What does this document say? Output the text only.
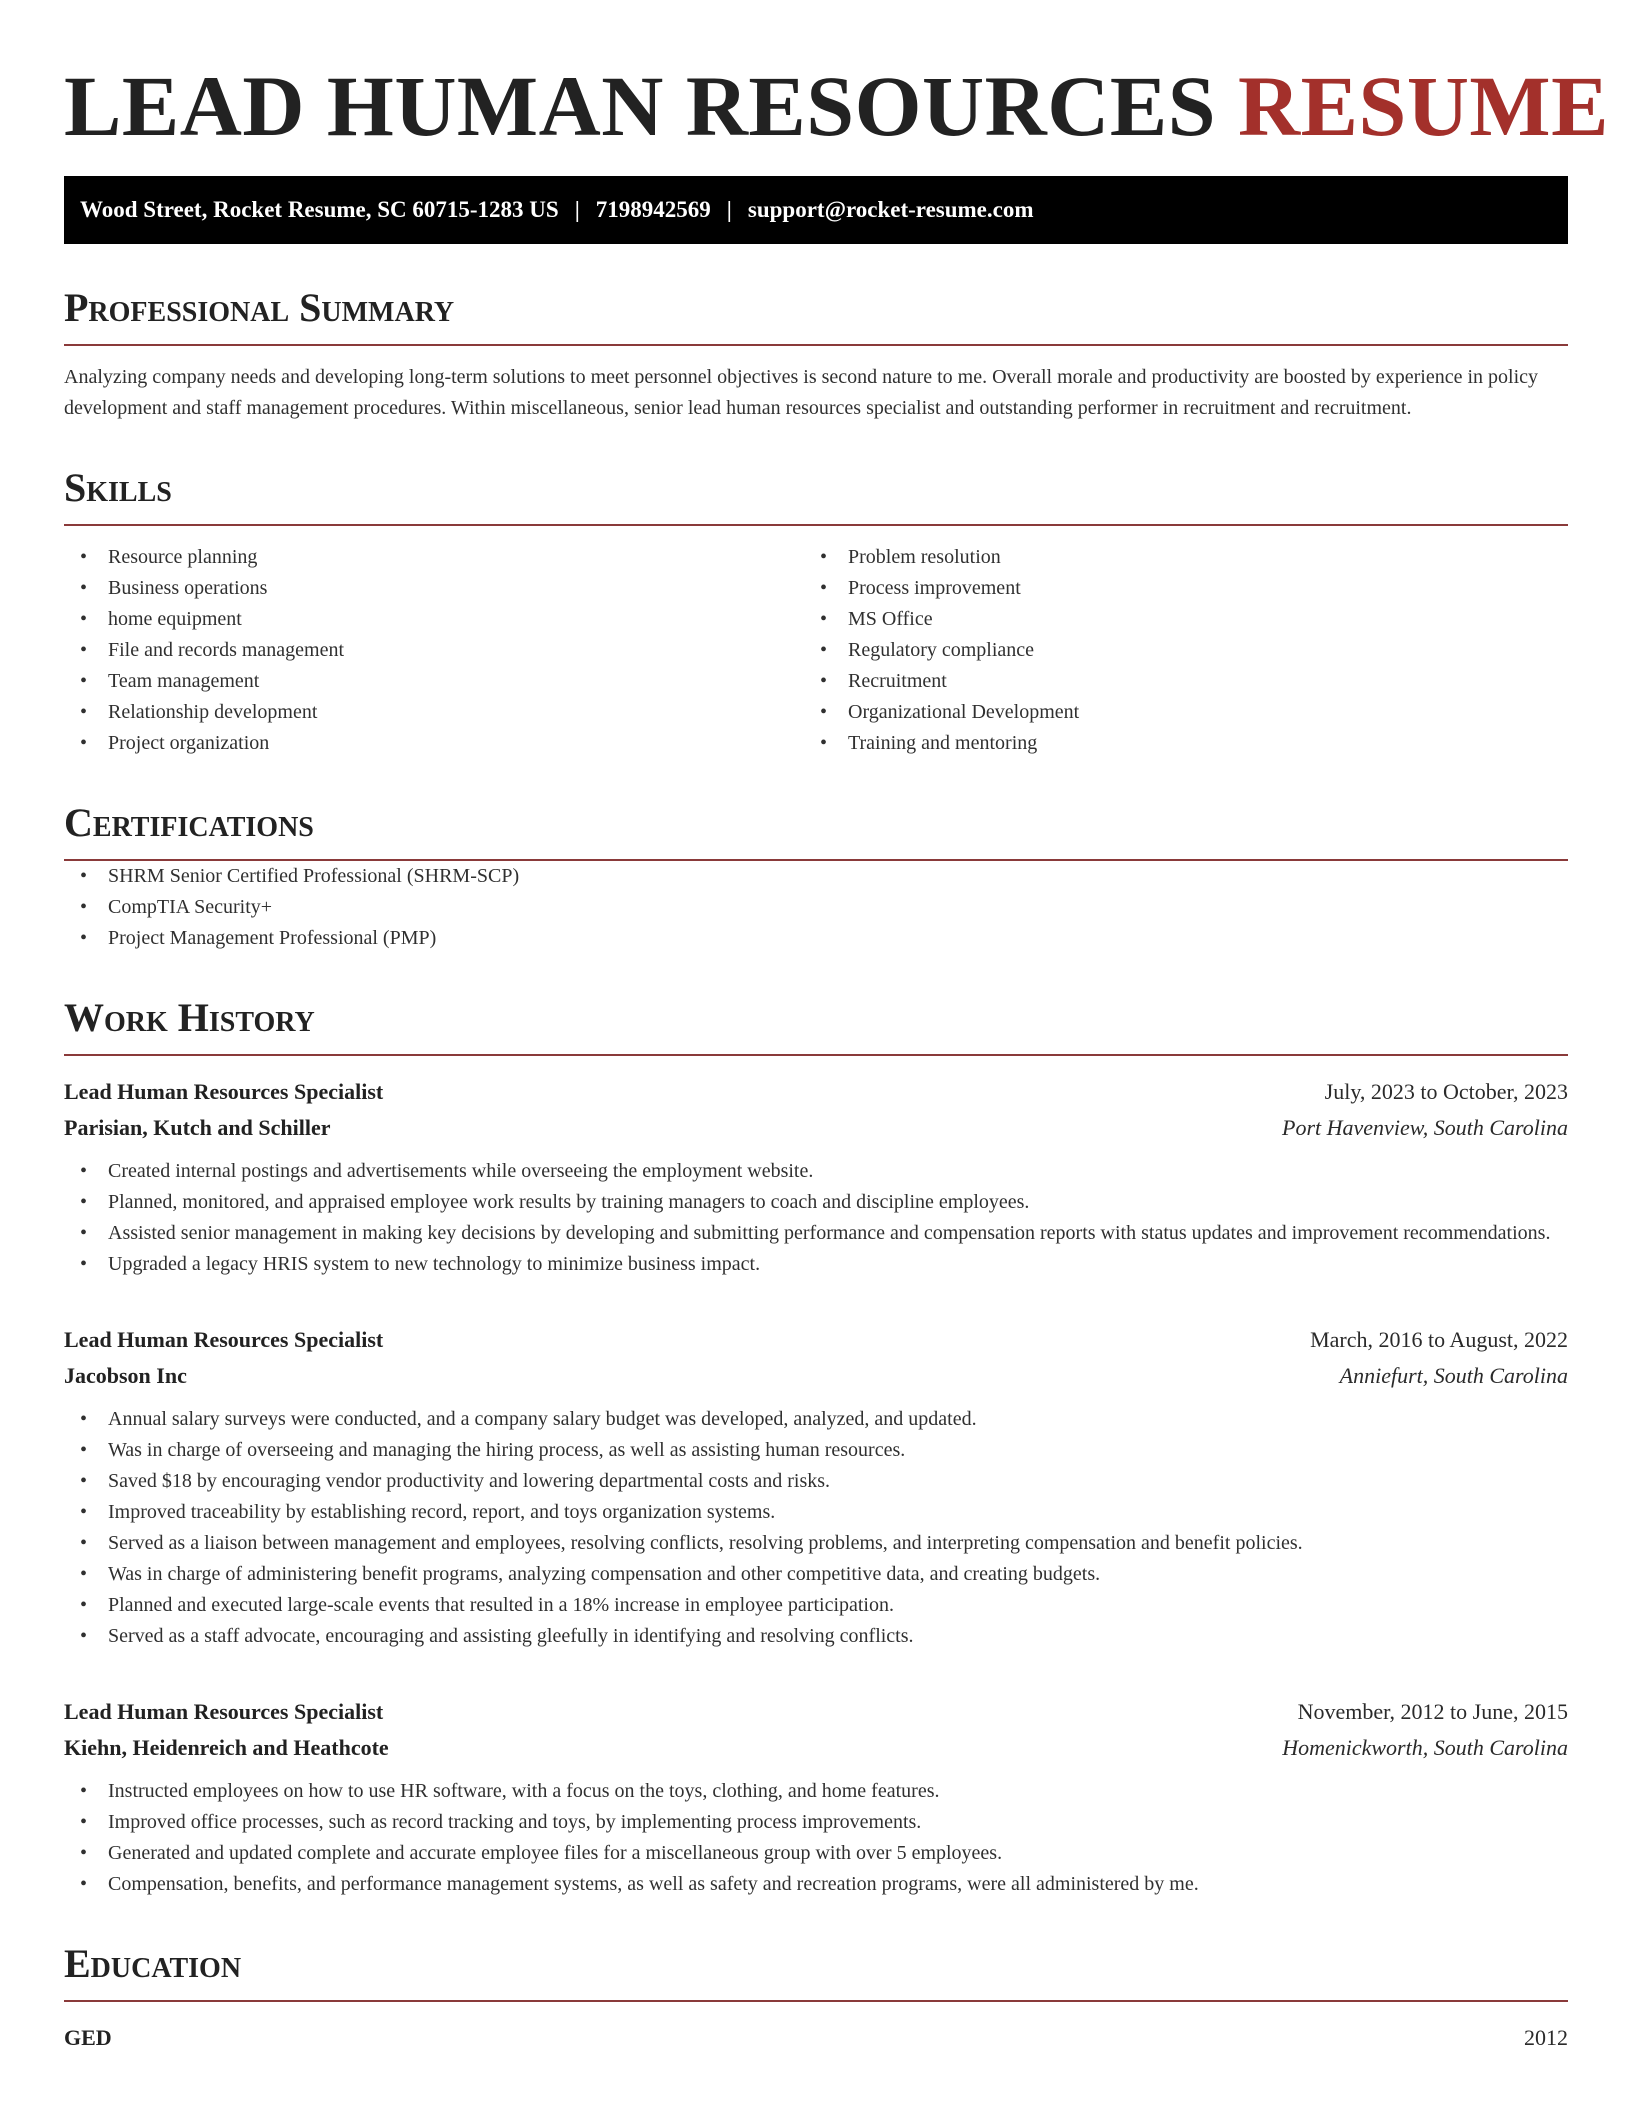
LEAD HUMAN RESOURCES RESUME
Wood Street, Rocket Resume, SC 60715-1283 US | 7198942569 | support@rocket-resume.com
Professional Summary
Analyzing company needs and developing long-term solutions to meet personnel objectives is second nature to me. Overall morale and productivity are boosted by experience in policy development and staff management procedures. Within miscellaneous, senior lead human resources specialist and outstanding performer in recruitment and recruitment.
Skills
• Resource planning
• Business operations
• home equipment
• File and records management
• Team management
• Relationship development
• Project organization
• Problem resolution
• Process improvement
• MS Office
• Regulatory compliance
• Recruitment
• Organizational Development
• Training and mentoring
Certifications
• SHRM Senior Certified Professional (SHRM-SCP)
• CompTIA Security+
• Project Management Professional (PMP)
Work History
Lead Human Resources Specialist	July, 2023 to October, 2023
Parisian, Kutch and Schiller	Port Havenview, South Carolina
• Created internal postings and advertisements while overseeing the employment website.
• Planned, monitored, and appraised employee work results by training managers to coach and discipline employees.
• Assisted senior management in making key decisions by developing and submitting performance and compensation reports with status updates and improvement recommendations.
• Upgraded a legacy HRIS system to new technology to minimize business impact.
Lead Human Resources Specialist	March, 2016 to August, 2022
Jacobson Inc	Anniefurt, South Carolina
• Annual salary surveys were conducted, and a company salary budget was developed, analyzed, and updated.
• Was in charge of overseeing and managing the hiring process, as well as assisting human resources.
• Saved $18 by encouraging vendor productivity and lowering departmental costs and risks.
• Improved traceability by establishing record, report, and toys organization systems.
• Served as a liaison between management and employees, resolving conflicts, resolving problems, and interpreting compensation and benefit policies.
• Was in charge of administering benefit programs, analyzing compensation and other competitive data, and creating budgets.
• Planned and executed large-scale events that resulted in a 18% increase in employee participation.
• Served as a staff advocate, encouraging and assisting gleefully in identifying and resolving conflicts.
Lead Human Resources Specialist	November, 2012 to June, 2015
Kiehn, Heidenreich and Heathcote	Homenickworth, South Carolina
• Instructed employees on how to use HR software, with a focus on the toys, clothing, and home features.
• Improved office processes, such as record tracking and toys, by implementing process improvements.
• Generated and updated complete and accurate employee files for a miscellaneous group with over 5 employees.
• Compensation, benefits, and performance management systems, as well as safety and recreation programs, were all administered by me.
Education
GED	2012
